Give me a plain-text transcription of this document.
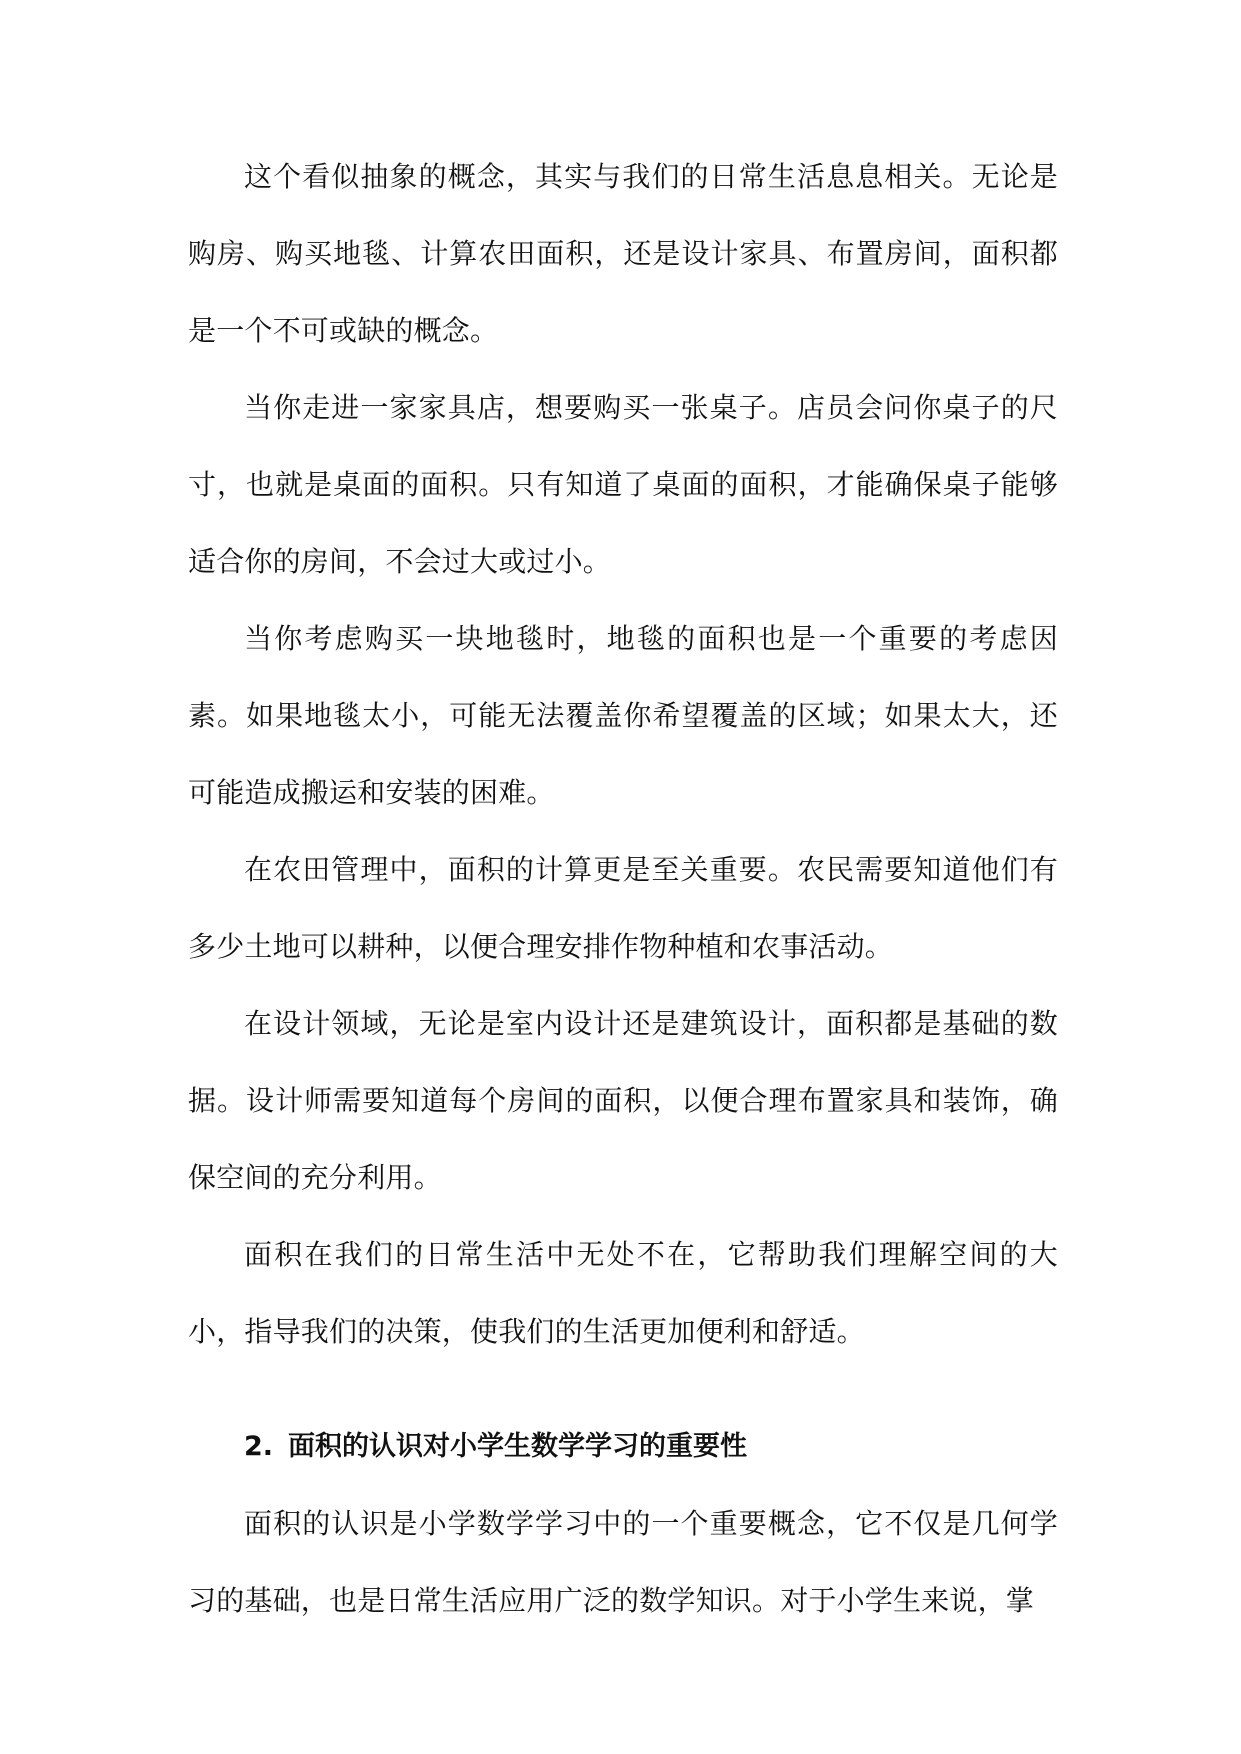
这个看似抽象的概念，其实与我们的日常生活息息相关。无论是购房、购买地毯、计算农田面积，还是设计家具、布置房间，面积都是一个不可或缺的概念。

当你走进一家家具店，想要购买一张桌子。店员会问你桌子的尺寸，也就是桌面的面积。只有知道了桌面的面积，才能确保桌子能够适合你的房间，不会过大或过小。

当你考虑购买一块地毯时，地毯的面积也是一个重要的考虑因素。如果地毯太小，可能无法覆盖你希望覆盖的区域；如果太大，还可能造成搬运和安装的困难。

在农田管理中，面积的计算更是至关重要。农民需要知道他们有多少土地可以耕种，以便合理安排作物种植和农事活动。

在设计领域，无论是室内设计还是建筑设计，面积都是基础的数据。设计师需要知道每个房间的面积，以便合理布置家具和装饰，确保空间的充分利用。

面积在我们的日常生活中无处不在，它帮助我们理解空间的大小，指导我们的决策，使我们的生活更加便利和舒适。

2. 面积的认识对小学生数学学习的重要性

面积的认识是小学数学学习中的一个重要概念，它不仅是几何学习的基础，也是日常生活应用广泛的数学知识。对于小学生来说，掌
